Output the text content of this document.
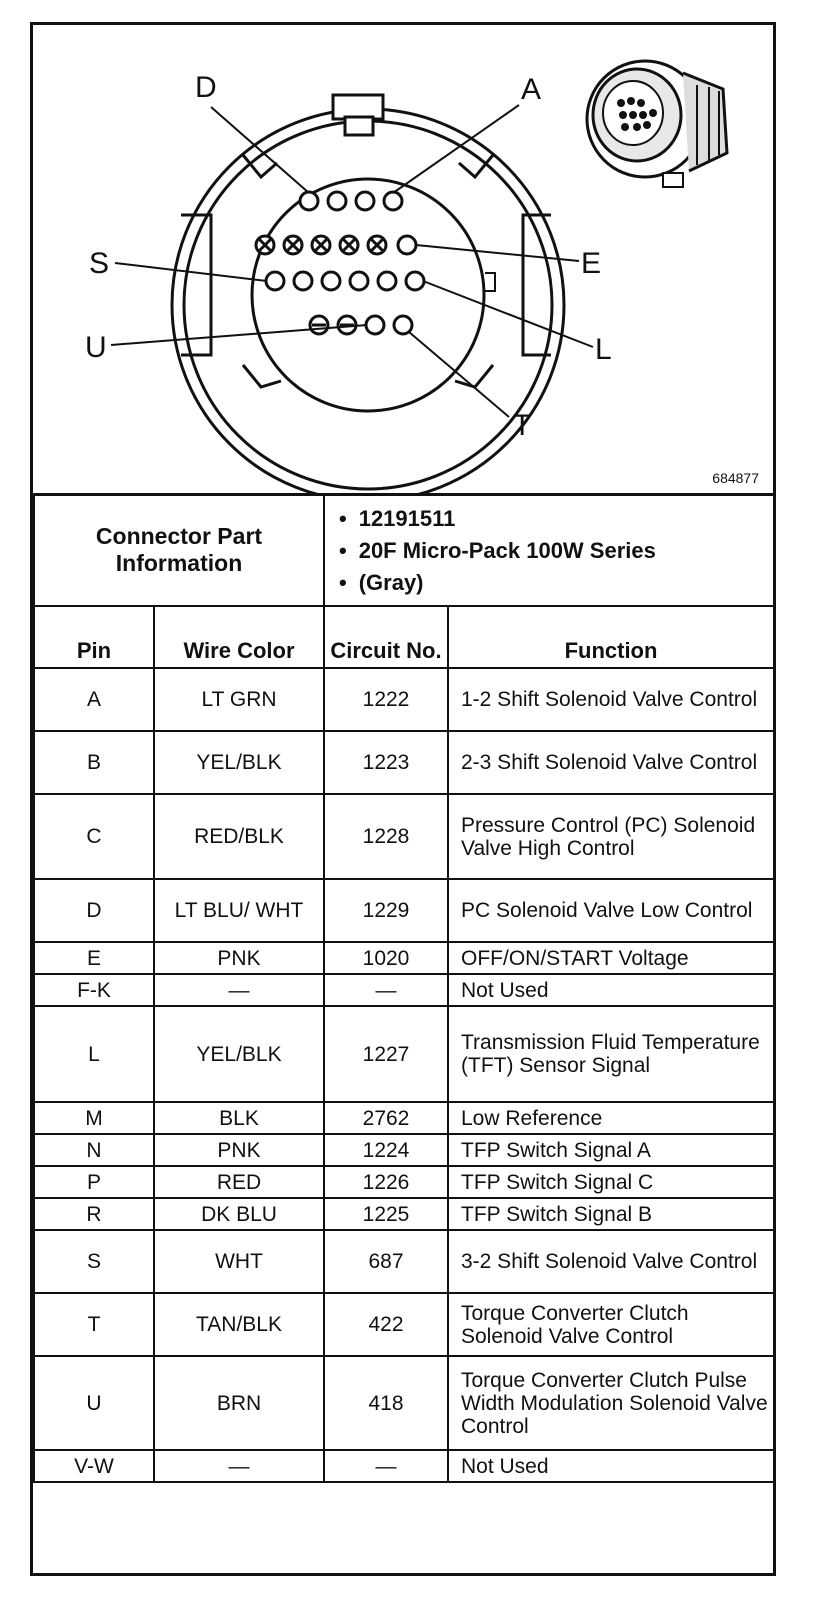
D	A
S	E
U	L
T
684877
Connector Part Information	
• 12191511
• 20F Micro-Pack 100W Series
• (Gray)
Pin	Wire Color	Circuit No.	Function
A	LT GRN	1222	1-2 Shift Solenoid Valve Control
B	YEL/BLK	1223	2-3 Shift Solenoid Valve Control
C	RED/BLK	1228	Pressure Control (PC) Solenoid Valve High Control
D	LT BLU/ WHT	1229	PC Solenoid Valve Low Control
E	PNK	1020	OFF/ON/START Voltage
F-K	—	—	Not Used
L	YEL/BLK	1227	Transmission Fluid Temperature (TFT) Sensor Signal
M	BLK	2762	Low Reference
N	PNK	1224	TFP Switch Signal A
P	RED	1226	TFP Switch Signal C
R	DK BLU	1225	TFP Switch Signal B
S	WHT	687	3-2 Shift Solenoid Valve Control
T	TAN/BLK	422	Torque Converter Clutch Solenoid Valve Control
U	BRN	418	Torque Converter Clutch Pulse Width Modulation Solenoid Valve Control
V-W	—	—	Not Used
